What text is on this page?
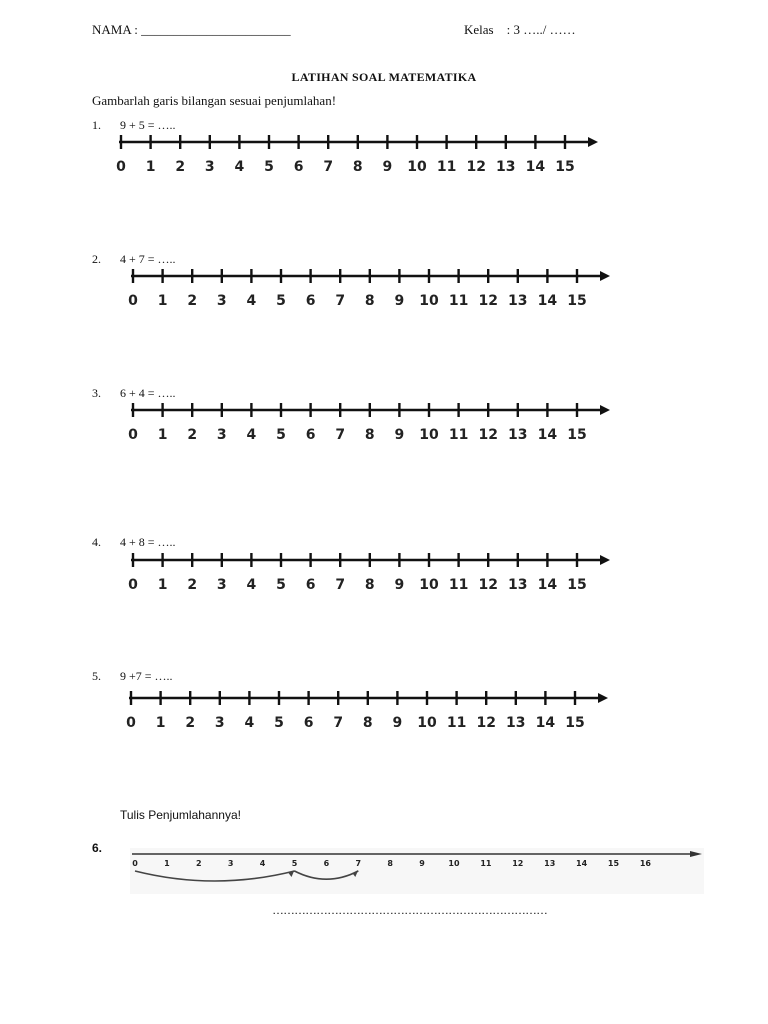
NAMA : _______________________	Kelas    : 3 …../ ……
LATIHAN SOAL MATEMATIKA
Gambarlah garis bilangan sesuai penjumlahan!
1. 9 + 5 = …..
0 1 2 3 4 5 6 7 8 9 10 11 12 13 14 15
2. 4 + 7 = …..
0 1 2 3 4 5 6 7 8 9 10 11 12 13 14 15
3. 6 + 4 = …..
0 1 2 3 4 5 6 7 8 9 10 11 12 13 14 15
4. 4 + 8 = …..
0 1 2 3 4 5 6 7 8 9 10 11 12 13 14 15
5. 9 +7 = …..
0 1 2 3 4 5 6 7 8 9 10 11 12 13 14 15
Tulis Penjumlahannya!
6.
0	1	2	3	4	5	6	7	8	9	10	11	12	13	14	15	16
…………………………………………………………………
